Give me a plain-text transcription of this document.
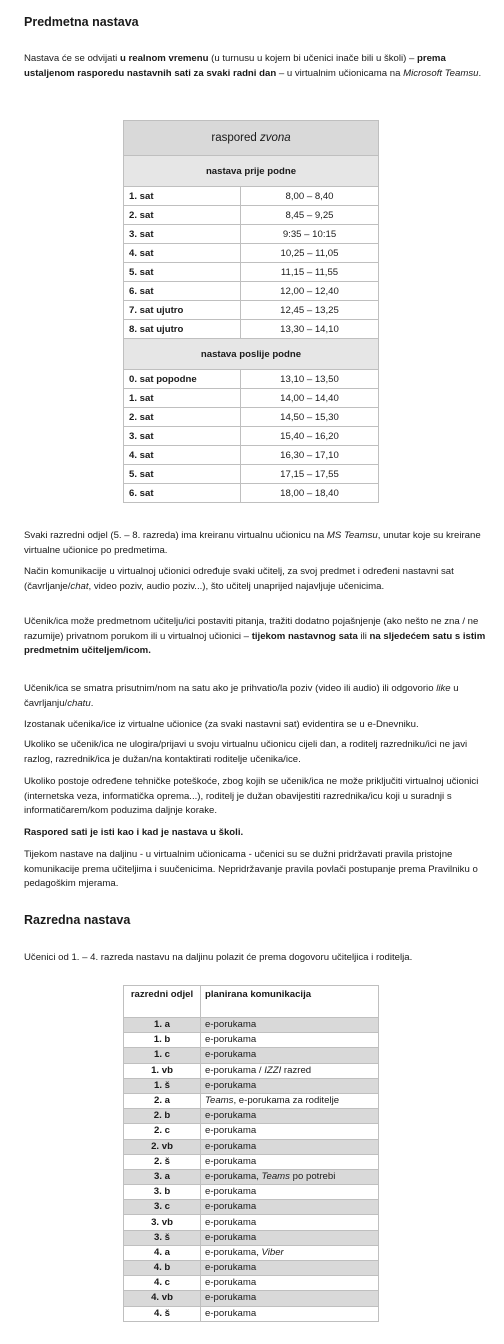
Predmetna nastava
Nastava će se odvijati u realnom vremenu (u turnusu u kojem bi učenici inače bili u školi) – prema ustaljenom rasporedu nastavnih sati za svaki radni dan – u virtualnim učionicama na Microsoft Teamsu.
raspored zvona	
nastava prije podne	
1. sat	8,00 – 8,40
2. sat	8,45 – 9,25
3. sat	9:35 – 10:15
4. sat	10,25 – 11,05
5. sat	11,15 – 11,55
6. sat	12,00 – 12,40
7. sat ujutro	12,45 – 13,25
8. sat ujutro	13,30 – 14,10
nastava poslije podne	
0. sat popodne	13,10 – 13,50
1. sat	14,00 – 14,40
2. sat	14,50 – 15,30
3. sat	15,40 – 16,20
4. sat	16,30 – 17,10
5. sat	17,15 – 17,55
6. sat	18,00 – 18,40
Svaki razredni odjel (5. – 8. razreda) ima kreiranu virtualnu učionicu na MS Teamsu, unutar koje su kreirane virtualne učionice po predmetima.
Način komunikacije u virtualnoj učionici određuje svaki učitelj, za svoj predmet i određeni nastavni sat (čavrljanje/chat, video poziv, audio poziv...), što učitelj unaprijed najavljuje učenicima.
Učenik/ica može predmetnom učitelju/ici postaviti pitanja, tražiti dodatno pojašnjenje (ako nešto ne zna / ne razumije) privatnom porukom ili u virtualnoj učionici – tijekom nastavnog sata ili na sljedećem satu s istim predmetnim učiteljem/icom.
Učenik/ica se smatra prisutnim/nom na satu ako je prihvatio/la poziv (video ili audio) ili odgovorio like u čavrljanju/chatu.
Izostanak učenika/ice iz virtualne učionice (za svaki nastavni sat) evidentira se u e-Dnevniku.
Ukoliko se učenik/ica ne ulogira/prijavi u svoju virtualnu učionicu cijeli dan, a roditelj razredniku/ici ne javi razlog, razrednik/ica je dužan/na kontaktirati roditelje učenika/ice.
Ukoliko postoje određene tehničke poteškoće, zbog kojih se učenik/ica ne može priključiti virtualnoj učionici (internetska veza, informatička oprema...), roditelj je dužan obavijestiti razrednika/icu koji u suradnji s informatičarem/kom poduzima daljnje korake.
Raspored sati je isti kao i kad je nastava u školi.
Tijekom nastave na daljinu - u virtualnim učionicama - učenici su se dužni pridržavati pravila pristojne komunikacije prema učiteljima i suučenicima. Nepridržavanje pravila povlači postupanje prema Pravilniku o pedagoškim mjerama.
Razredna nastava
Učenici od 1. – 4. razreda nastavu na daljinu polazit će prema dogovoru učiteljica i roditelja.
razredni odjel	planirana komunikacija
1. a	e-porukama
1. b	e-porukama
1. c	e-porukama
1. vb	e-porukama / IZZI razred
1. š	e-porukama
2. a	Teams, e-porukama za roditelje
2. b	e-porukama
2. c	e-porukama
2. vb	e-porukama
2. š	e-porukama
3. a	e-porukama, Teams po potrebi
3. b	e-porukama
3. c	e-porukama
3. vb	e-porukama
3. š	e-porukama
4. a	e-porukama, Viber
4. b	e-porukama
4. c	e-porukama
4. vb	e-porukama
4. š	e-porukama
